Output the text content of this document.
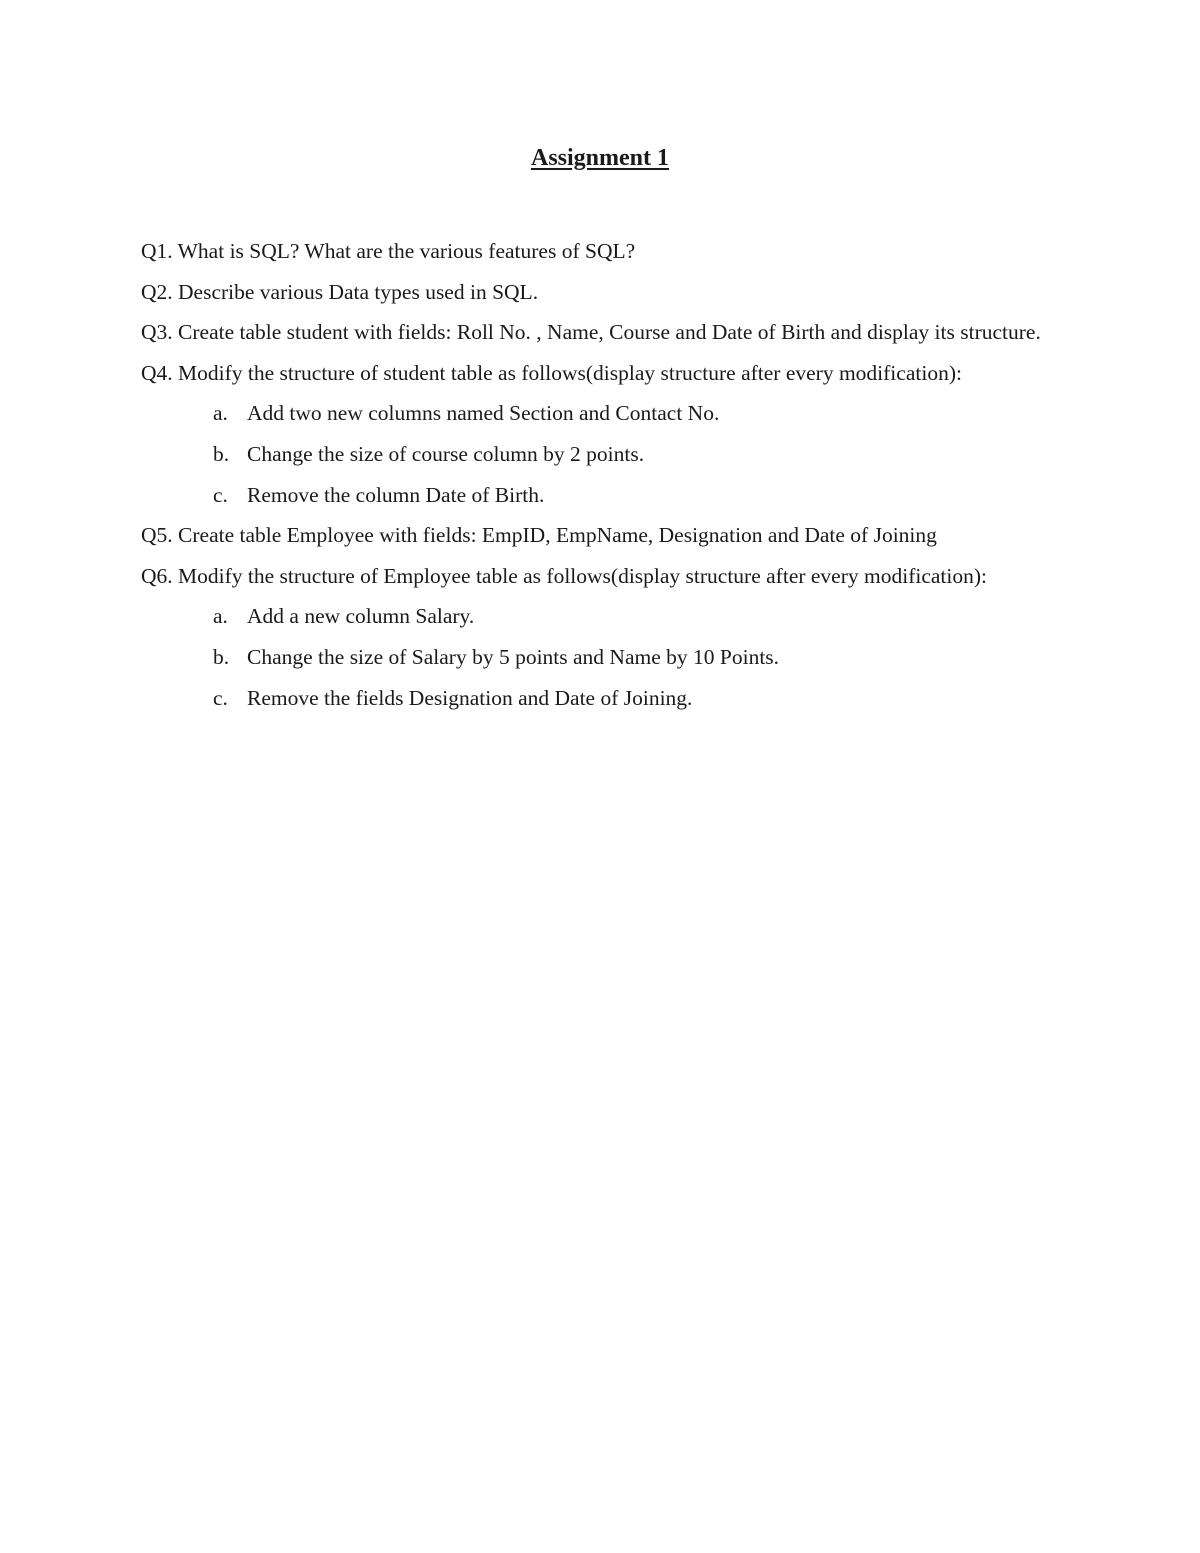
Assignment 1

Q1. What is SQL? What are the various features of SQL?

Q2. Describe various Data types used in SQL.

Q3. Create table student with fields: Roll No. , Name, Course and Date of Birth and display its structure.

Q4. Modify the structure of student table as follows(display structure after every modification):

a. Add two new columns named Section and Contact No.
b. Change the size of course column by 2 points.
c. Remove the column Date of Birth.

Q5. Create table Employee with fields: EmpID, EmpName, Designation and Date of Joining

Q6. Modify the structure of Employee table as follows(display structure after every modification):

a. Add a new column Salary.
b. Change the size of Salary by 5 points and Name by 10 Points.
c. Remove the fields Designation and Date of Joining.
